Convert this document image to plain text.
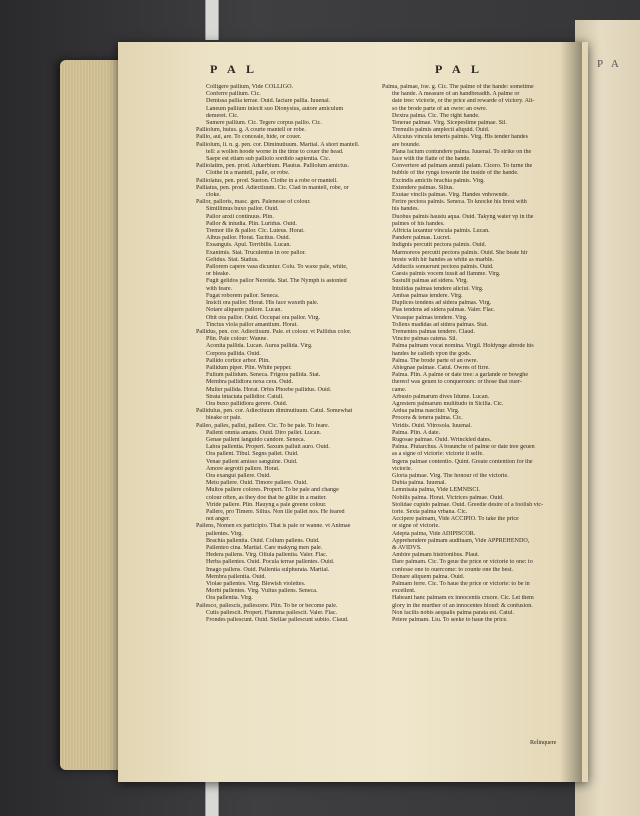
P A
P A L	P A L
Colligere pallium, Vide COLLIGO.
Conferre pallium. Cic.
Demissa pallia terrae. Ouid. Iactare pallia. Iuuenal.
Laneum pallium iniecit suo Dionysius, autore amiculum
demeret. Cic.
Sumere pallium. Cic. Tegere corpus pallio. Cic.
Palliolum, huius. g. A courte mantell or robe.
Pallio, aui, are. To conceale, hide, or couer.
Palliolum, li. n. g. pen. cor. Diminutiuum. Martial. A short mantell.
tell: a wollen hoode worne in the time to couer the head.
Saepe est etiam sub palliolo sordido sapientia. Cic.
Palliolatim, pen. prod. Aduerbium. Plautus. Palliolum amictus.
Clothe in a mantell, palle, or robe.
Palliolatus, pen. prod. Sueton. Clothe in a robe or mantell.
Palliatus, pen. prod. Adiectiuum. Cic. Clad in mantell, robe, or
cloke.
Pallor, palloris, masc. gen. Palenesse of colour.
Simillimus buxo pallor. Ouid.
Pallor anxii continuus. Plin.
Pallor & iniudia. Plin. Luridus. Ouid.
Tremor ille & pallor. Cic. Luteus. Horat.
Albus pallor. Horat. Tacitus. Ouid.
Exsanguis. Apul. Terribilis. Lucan.
Exanimis. Stat. Truculentus in ore pallor.
Gelidus. Stat. Statius.
Pallorem capere vasa dicuntur. Colu. To waxe pale, white,
or bleake.
Fugit gelidos pallor Nereida. Stat. The Nymph is astonied
with feare.
Fugat roborem pallor. Seneca.
Insicit ora pallor. Horat. His face waxeth pale.
Notare aliquem pallore. Lucan.
Obit ora pallor. Ouid. Occupat ora pallor. Virg.
Tinctus viola pallor amantium. Horat.
Pallidus, pen. cor. Adiectiuum. Pale. et colour. vt Pallidus color.
Plin. Pale colour: Wanne.
Aconita pallida. Lucan. Aurea pallida. Virg.
Corpora pallida. Ouid.
Pallido cortice arbor. Plin.
Pallidum piper. Plin. White pepper.
Fulium pallidum. Seneca. Frigora pallida. Stat.
Membra pallidiora nexa cera. Ouid.
Mulier pallida. Horat. Orbis Phoebe pallidus. Ouid.
Strata intactata pallidior. Catull.
Ora buxo pallidiora gerere. Ouid.
Pallidulus, pen. cor. Adiectiuum diminutiuum. Catul. Somewhat
bleake or pale.
Palleo, palles, pallui, pallere. Cic. To be pale. To feare.
Pallent omnia amans. Ouid. Diro pallet. Lucan.
Genae pallent languido candore. Seneca.
Labra pallentia. Propert. Saxum palluit auro. Ouid.
Ora pallent. Tibul. Segns pallet. Ouid.
Venae pallent amisso sanguine. Ouid.
Amore aegrotti pallere. Horat.
Ora exangui pallere. Ouid.
Metu pallere. Ouid. Timore pallere. Ouid.
Multos pallere colores. Propert. To be pale and change
colour often, as they doe that be giltie in a matter.
Viride pallere. Plin. Hauyng a pale greene colour.
Pallere, pro Timere. Silius. Non ille pallet nos. He feared
not anger.
Pallens, Nomen ex participio. That is pale or wanne. vt Animae
pallentes. Virg.
Brachia pallentia. Ouid. Collum pallens. Ouid.
Pallenteo cina. Martial. Care makyng men pale.
Hedera pallens. Virg. Oliula pallentia. Valer. Flac.
Herba pallentes. Ouid. Pocula terrae pallentes. Ouid.
Imago pallens. Ouid. Pallentia sulphurata. Martial.
Membra pallentia. Ouid.
Violae pallentes. Virg. Blewish violettes.
Morbi pallentes. Virg. Vultus pallens. Seneca.
Ora pallentia. Virg.
Pallesco, pallescis, pallescere. Plin. To be or become pale.
Cutis pallescit. Propert. Flamma pallescit. Valer. Flac.
Frondes pallescunt. Ouid. Stellae pallescunt subito. Claud.
Palma, palmae, foe. g. Cic. The palme of the hande: sometime
the hande. A measure of an handbreadth. A palme or
date tree: victorie, or the price and rewarde of victory. Ali-
so the brode parte of an owre: an owre.
Dextra palma. Cic. The right hande.
Tenerae palmae. Virg. Sicepeslime palmae. Sil.
Tremulis palmis amplecti aliquid. Ouid.
Alicuius vincula teneris palmis. Virg. His tender handes
are bounde.
Plana facium contundere palma. Iuuenal. To strike on the
face with the flatte of the hande.
Convertere ad palmam annuli palam. Cicero. To turne the
bubble of the ryngs towarde the inside of the hande.
Excindis amictis brachia palmis. Virg.
Extendere palmas. Silius.
Exutae vinclis palmas. Virg. Handes vnbownde.
Ferire pectora palmis. Seneca. To knocke his brest with
his handes.
Duobus palmis haustu aqua. Ouid. Takyng water vp in the
palmes of his handes.
Affricta laxantur vincula palmis. Lucan.
Pandere palmas. Lucret.
Indignis percutit pectora palmis. Ouid.
Marmoreos percutit pectora palmis. Ouid. She beate hir
breste with hir handes as white as marble.
Adductis sonuerunt pectora palmis. Ouid.
Caesis palmis vocem iussit ad flamme. Virg.
Sustulit palmas ad sidera. Virg.
Intulidas palmas tendere aliciui. Virg.
Ambas palmas tendere. Virg.
Duplices tendens ad sidera palmas. Virg.
Pias tendens ad sidera palmas. Valer. Flac.
Vtrasque palmas tendere. Virg.
Tollens madidas ad sidera palmas. Stat.
Trementes palmas tendere. Claud.
Vincire palmas catena. Sil.
Palma palmam vocat nomina. Virgil. Holdynge abrode his
handes he calleth vpon the gods.
Palma. The brode parte of an owre.
Abiegnae palmae. Catul. Owres of firre.
Palma. Plin. A palme or date tree: a garlande or bowghe
thereof was geuen to conquerours: or those that ouer-
came.
Arbusto palmarum dives Idume. Lucan.
Agrestem palmarum multitudo in Sicilia. Cic.
Ardua palma nascitur. Virg.
Procera & tenera palma. Cic.
Viridis. Ouid. Vitrosola. Iuuenal.
Palma. Plin. A date.
Rugosae palmae. Ouid. Wrinckled dates.
Palma. Plutarchus. A braunche of palme or date tree geuen
as a signe of victorie: victorie it selfe.
Ingens palmae contentio. Quint. Greate contention for the
victorie.
Gloria palmae. Virg. The honour of the victorie.
Dubia palma. Iuuenal.
Lemnisata palma, Vide LEMNISCI.
Nobilis palma. Horat. Victrices palmae. Ouid.
Stolidae cupido palmae. Ouid. Greedie desire of a foolish vic-
torie. Sexta palma vrbana. Cic.
Accipere palmam, Vide ACCIPIO. To take the price
or signe of victorie.
Adepta palma, Vide ADIPISCOR.
Apprehendere palmam audituam, Vide APPREHENDO,
& AVIDVS.
Ambire palmam histrionibus. Plaut.
Dare palmam. Cic. To geue the price or victorie to one: to
confesse one to ouercome: to counte one the best.
Donare aliquem palma. Ouid.
Palmam ferre. Cic. To haue the price or victorie: to be in
excellent.
Habeant hanc palmam ex innocentis cruore. Cic. Let them
glory in the murther of an innocentes bloud: & confusion.
Non facilis nobis aequalis palma parata est. Catul.
Petere palmam. Liu. To seeke to haue the price.
Relinquere
